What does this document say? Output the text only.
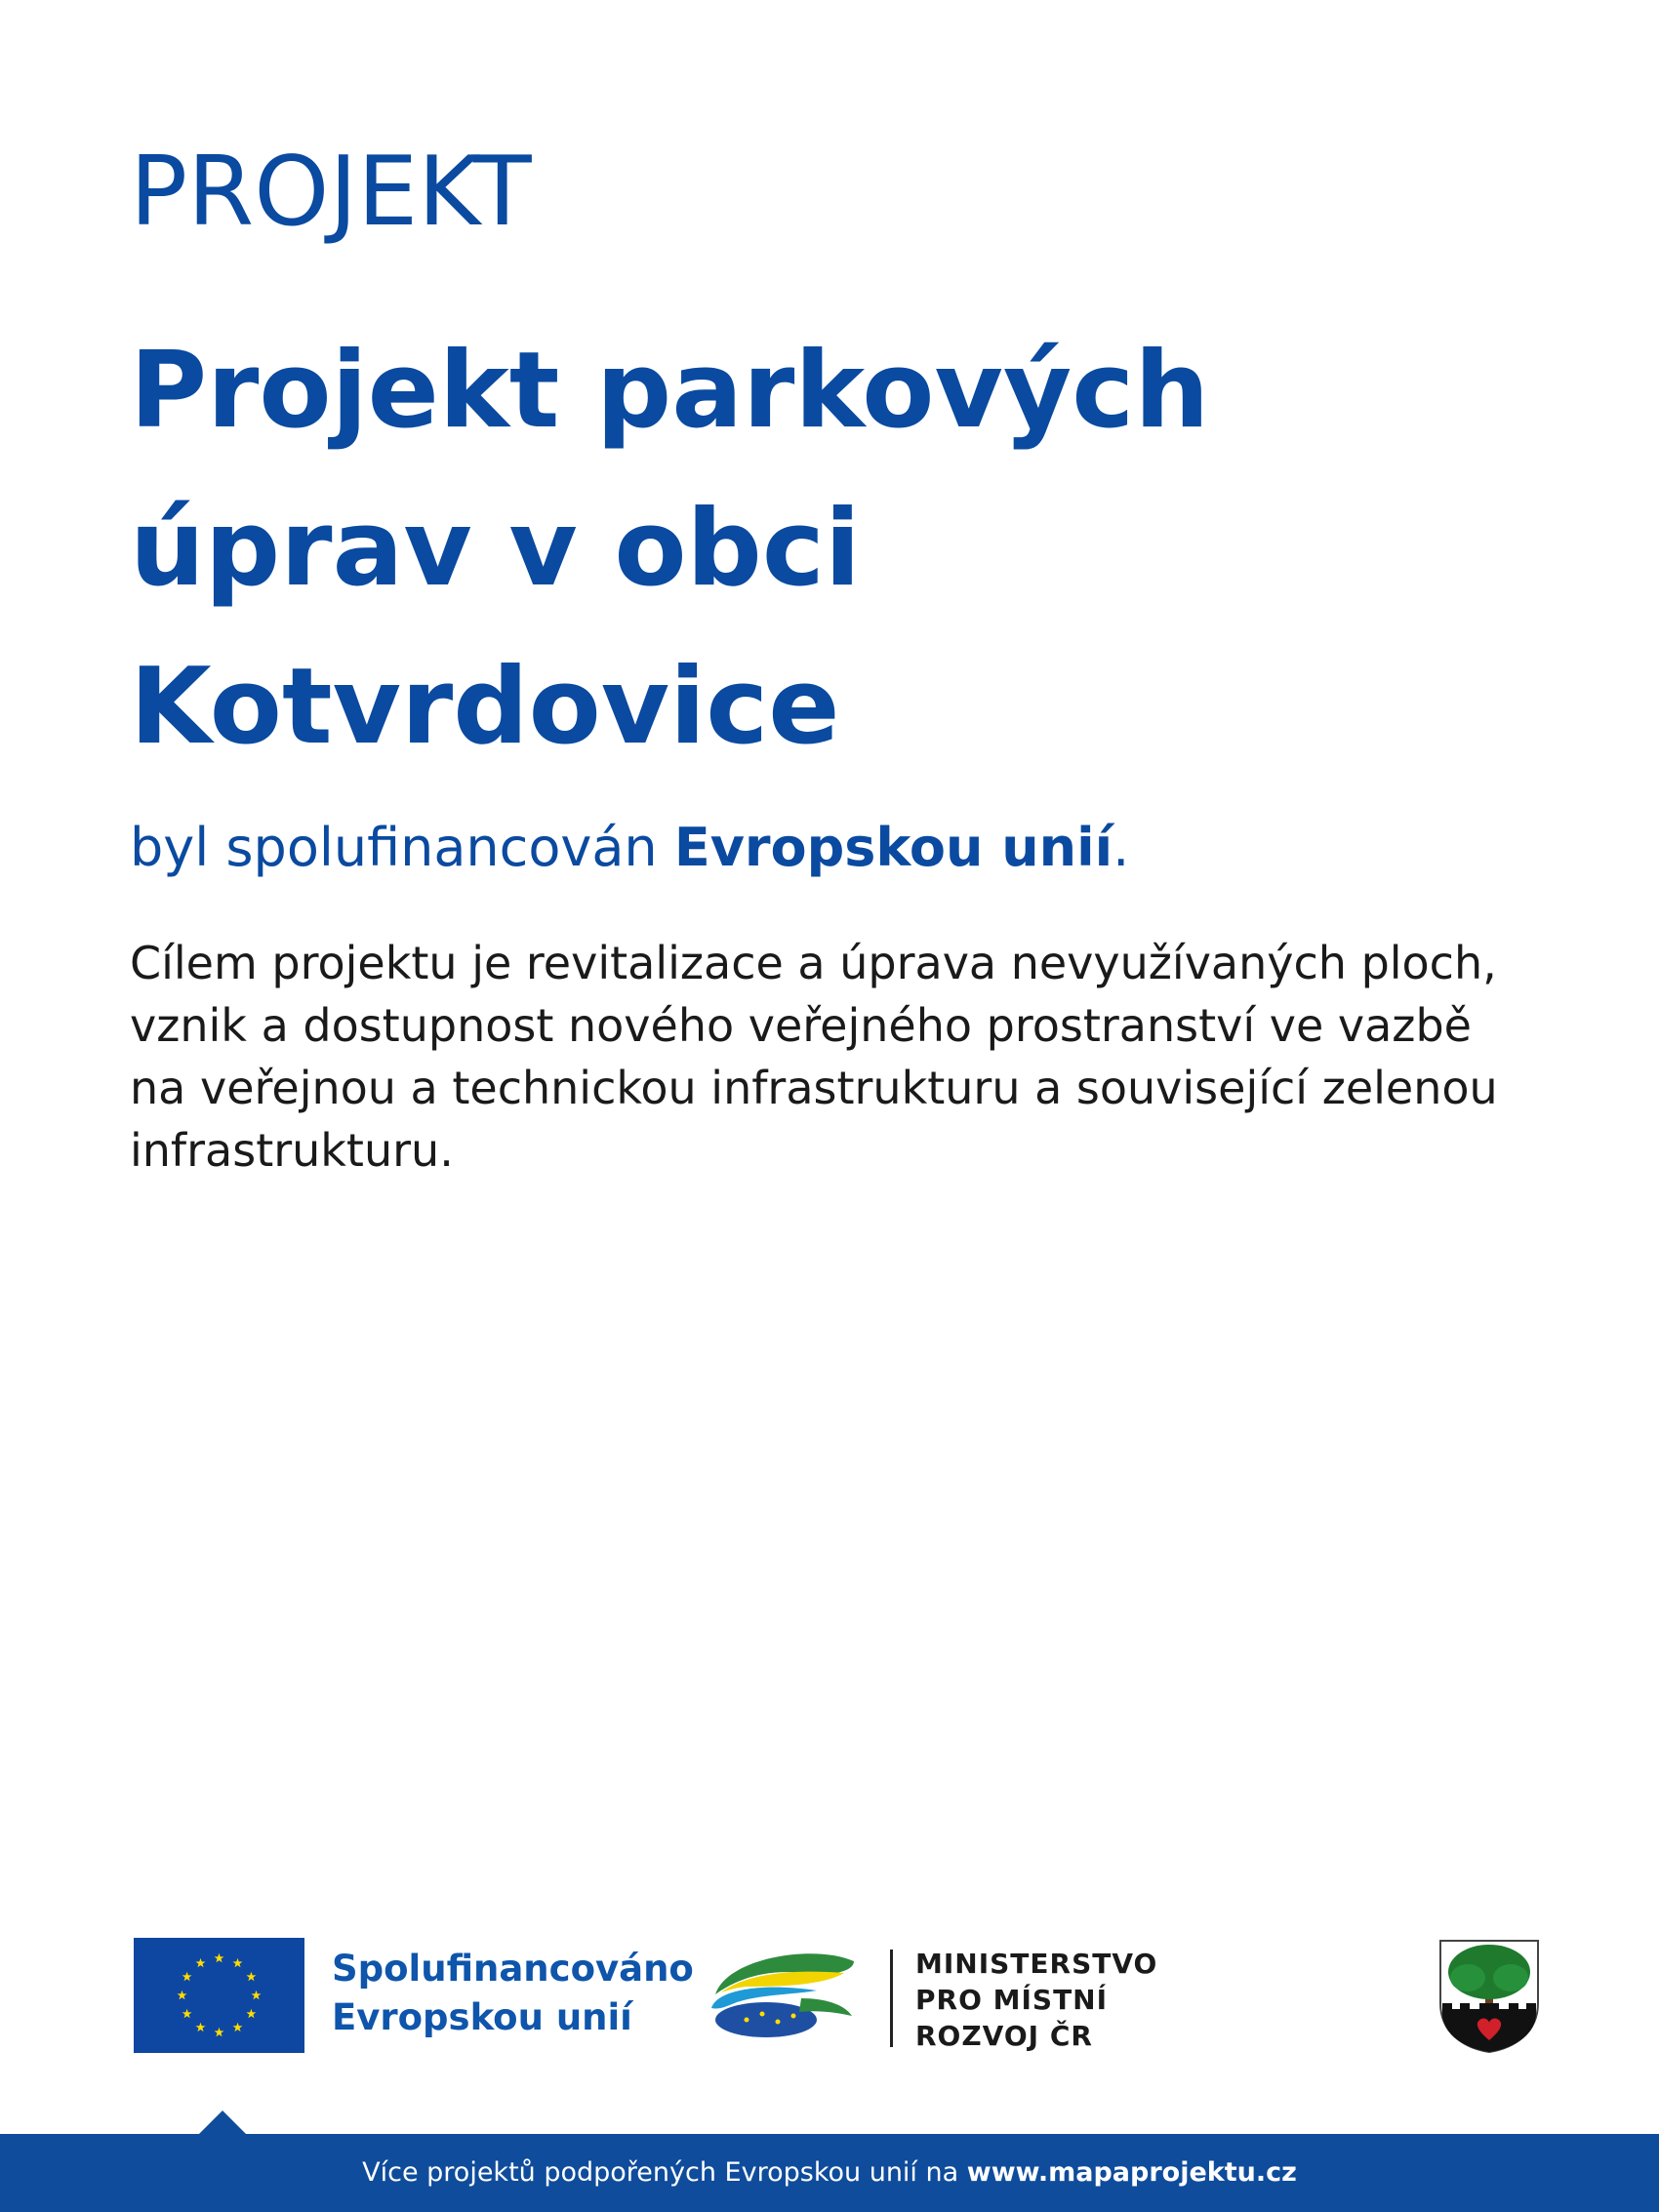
PROJEKT
Projekt parkových
úprav v obci
Kotvrdovice
byl spolufinancován Evropskou unií.

Cílem projektu je revitalizace a úprava nevyužívaných ploch, vznik a dostupnost nového veřejného prostranství ve vazbě na veřejnou a technickou infrastrukturu a související zelenou infrastrukturu.

Spolufinancováno
Evropskou unií
MINISTERSTVO
PRO MÍSTNÍ
ROZVOJ ČR
Více projektů podpořených Evropskou unií na www.mapaprojektu.cz
